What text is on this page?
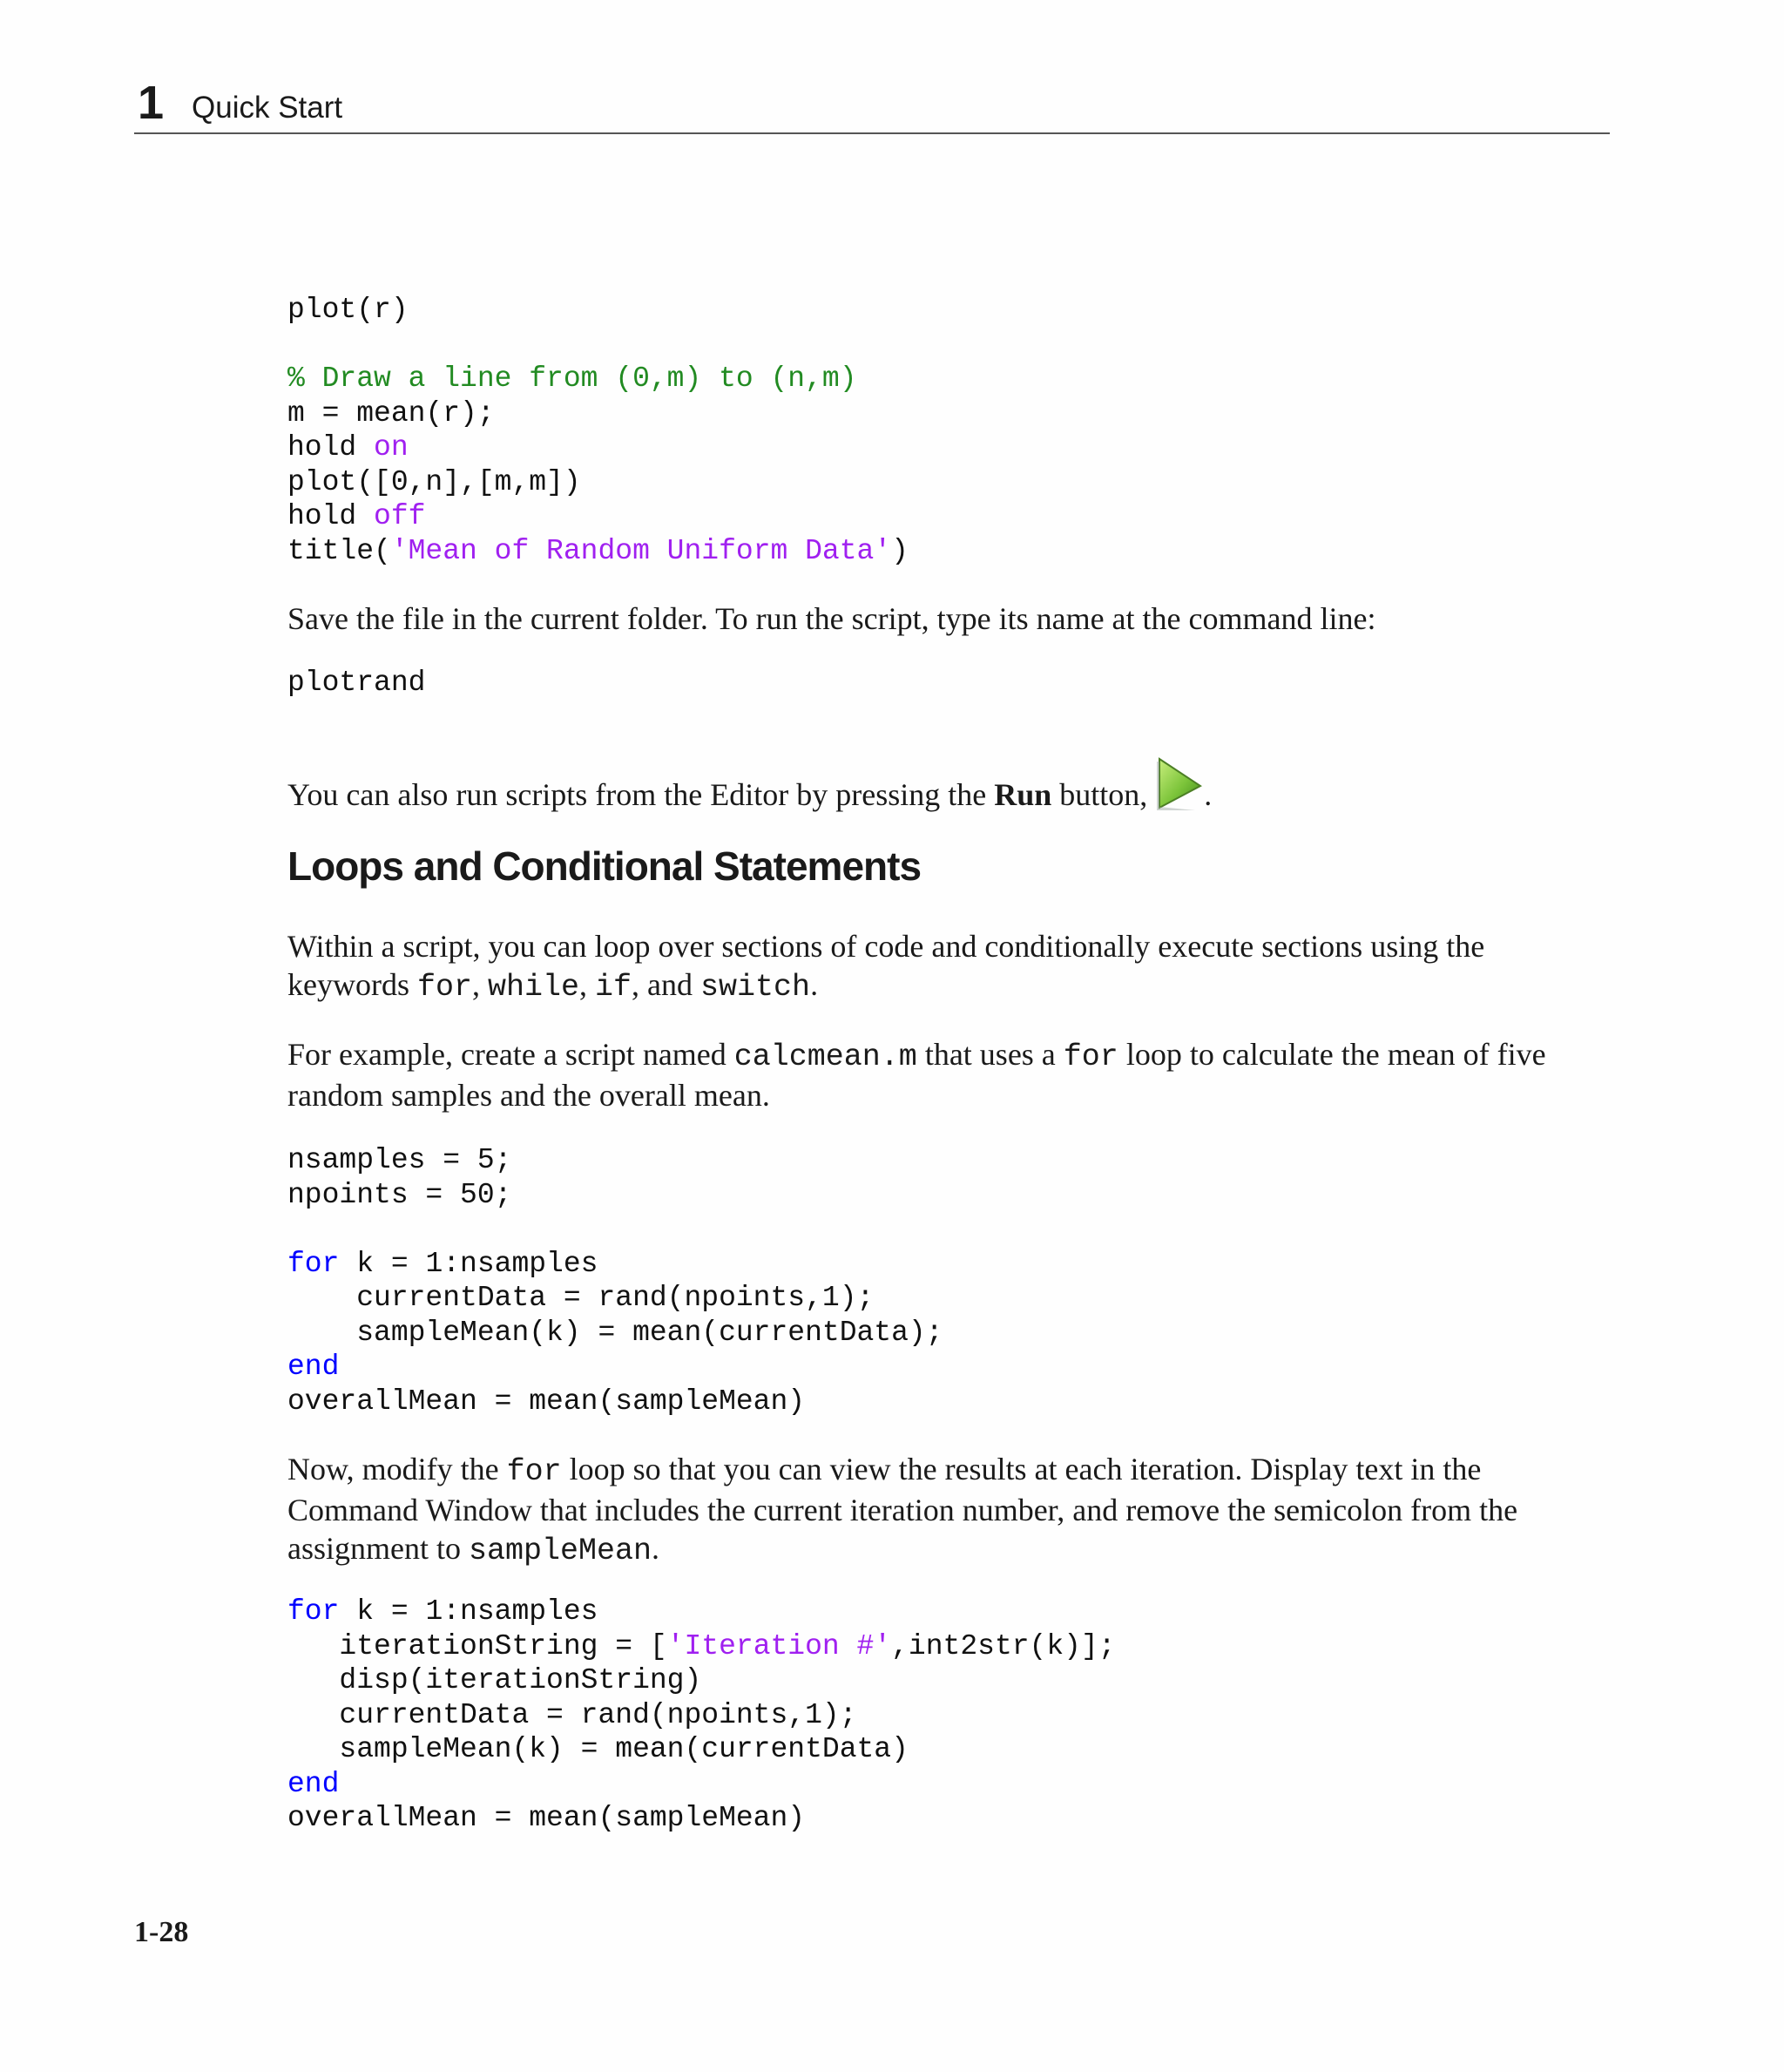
1 Quick Start
plot(r)

% Draw a line from (0,m) to (n,m)
m = mean(r);
hold on
plot([0,n],[m,m])
hold off
title('Mean of Random Uniform Data')

Save the file in the current folder. To run the script, type its name at the command line:

plotrand

You can also run scripts from the Editor by pressing the Run button, .

Loops and Conditional Statements

Within a script, you can loop over sections of code and conditionally execute sections using the keywords for, while, if, and switch.

For example, create a script named calcmean.m that uses a for loop to calculate the mean of five random samples and the overall mean.

nsamples = 5;
npoints = 50;

for k = 1:nsamples
currentData = rand(npoints,1);
sampleMean(k) = mean(currentData);
end
overallMean = mean(sampleMean)

Now, modify the for loop so that you can view the results at each iteration. Display text in the Command Window that includes the current iteration number, and remove the semicolon from the assignment to sampleMean.

for k = 1:nsamples
iterationString = ['Iteration #',int2str(k)];
disp(iterationString)
currentData = rand(npoints,1);
sampleMean(k) = mean(currentData)
end
overallMean = mean(sampleMean)
1-28
